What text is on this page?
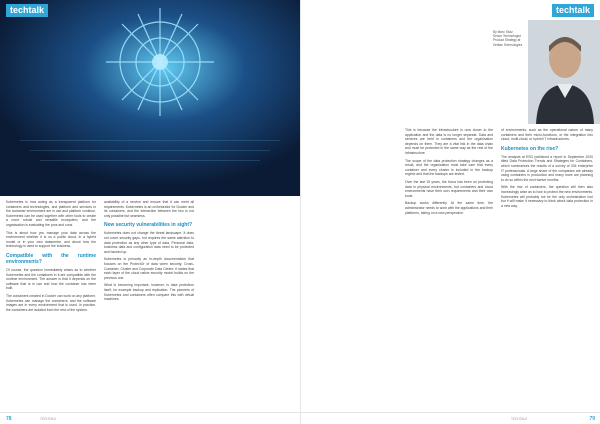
techtalk

Kubernetes is now acting as a transparent platform for containers and technologies, and platform and services in the container environment are in use and platform continue. Kubernetes can be used together with other tools to create a more robust and versatile ecosystem, and the organisation is evaluating the pros and cons.

This is about how you manage your data across the environment whether it is on a public cloud, in a hybrid model or in your own datacentre, and about how the technology is used to support the business.

Compatible with the runtime environments?

Of course, the question immediately arises as to whether Kubernetes and the containers in it are compatible with the runtime environment. The answer is that it depends on the software that is in use and how the container has been built.

The containers created in Docker can work on any platform. Kubernetes can manage the containers, and the software images are in every environment that is used. In practice, the containers are isolated from the rest of the system.

availability of a service and ensure that it can meet all requirements. Kubernetes is an orchestrator for Docker and its containers, and the interaction between the two is not only possible but seamless.

New security vulnerabilities in sight?

Kubernetes does not change the threat landscape. It does not cover security gaps, but requires the same attention to data protection as any other type of data. Personal data, business data and configuration data need to be protected and backed up.

Kubernetes is primarily an in-depth documentation that focuses on the ProtectOr of data when security, Cross-Container, Cluster and Corporate Data Centre. It states that each layer of the cloud native security model builds on the previous one.

What is becoming important, however, is data protection itself, for example backup and replication. The pioneers of Kubernetes and containers often compare this with virtual machines.

78	TECHTALK
techtalk
By Marc Stolz
Senior Technologist
Product Strategy at
Veritas Technologies

This is because the infrastructure is now closer to the application and the data is no longer separate. Data and services are held in containers and the organisation depends on them. They are a vital link in the data chain and must be protected in the same way as the rest of the infrastructure.

The scope of the data protection strategy changes as a result, and the organisation must take care that every container and every cluster is included in the backup regime and that the backups are tested.

Over the last 15 years, the focus has been on protecting data in physical environments, but containers and cloud environments have their own requirements and their own tools.

Backup works differently. At the same time, the administrator needs to work with the applications and their platforms, taking on a new perspective.

of environments, such as the operational nature of many containers and their micro-functions, or the integration into cloud, multi-cloud, or hybrid IT infrastructures.

Kubernetes on the rise?

The analysts at ESG published a report in September 2020 titled Data Protection Trends and Strategies for Containers, which summarises the results of a survey of 334 enterprise IT professionals. A large share of the companies are already using containers in production and many more are planning to do so within the next twelve months.

With the rise of containers, the question will then also increasingly arise as to how to protect the new environments. Kubernetes will probably not be the only orchestration tool but it will make it necessary to think about data protection in a new way.

TECHTALK	79
